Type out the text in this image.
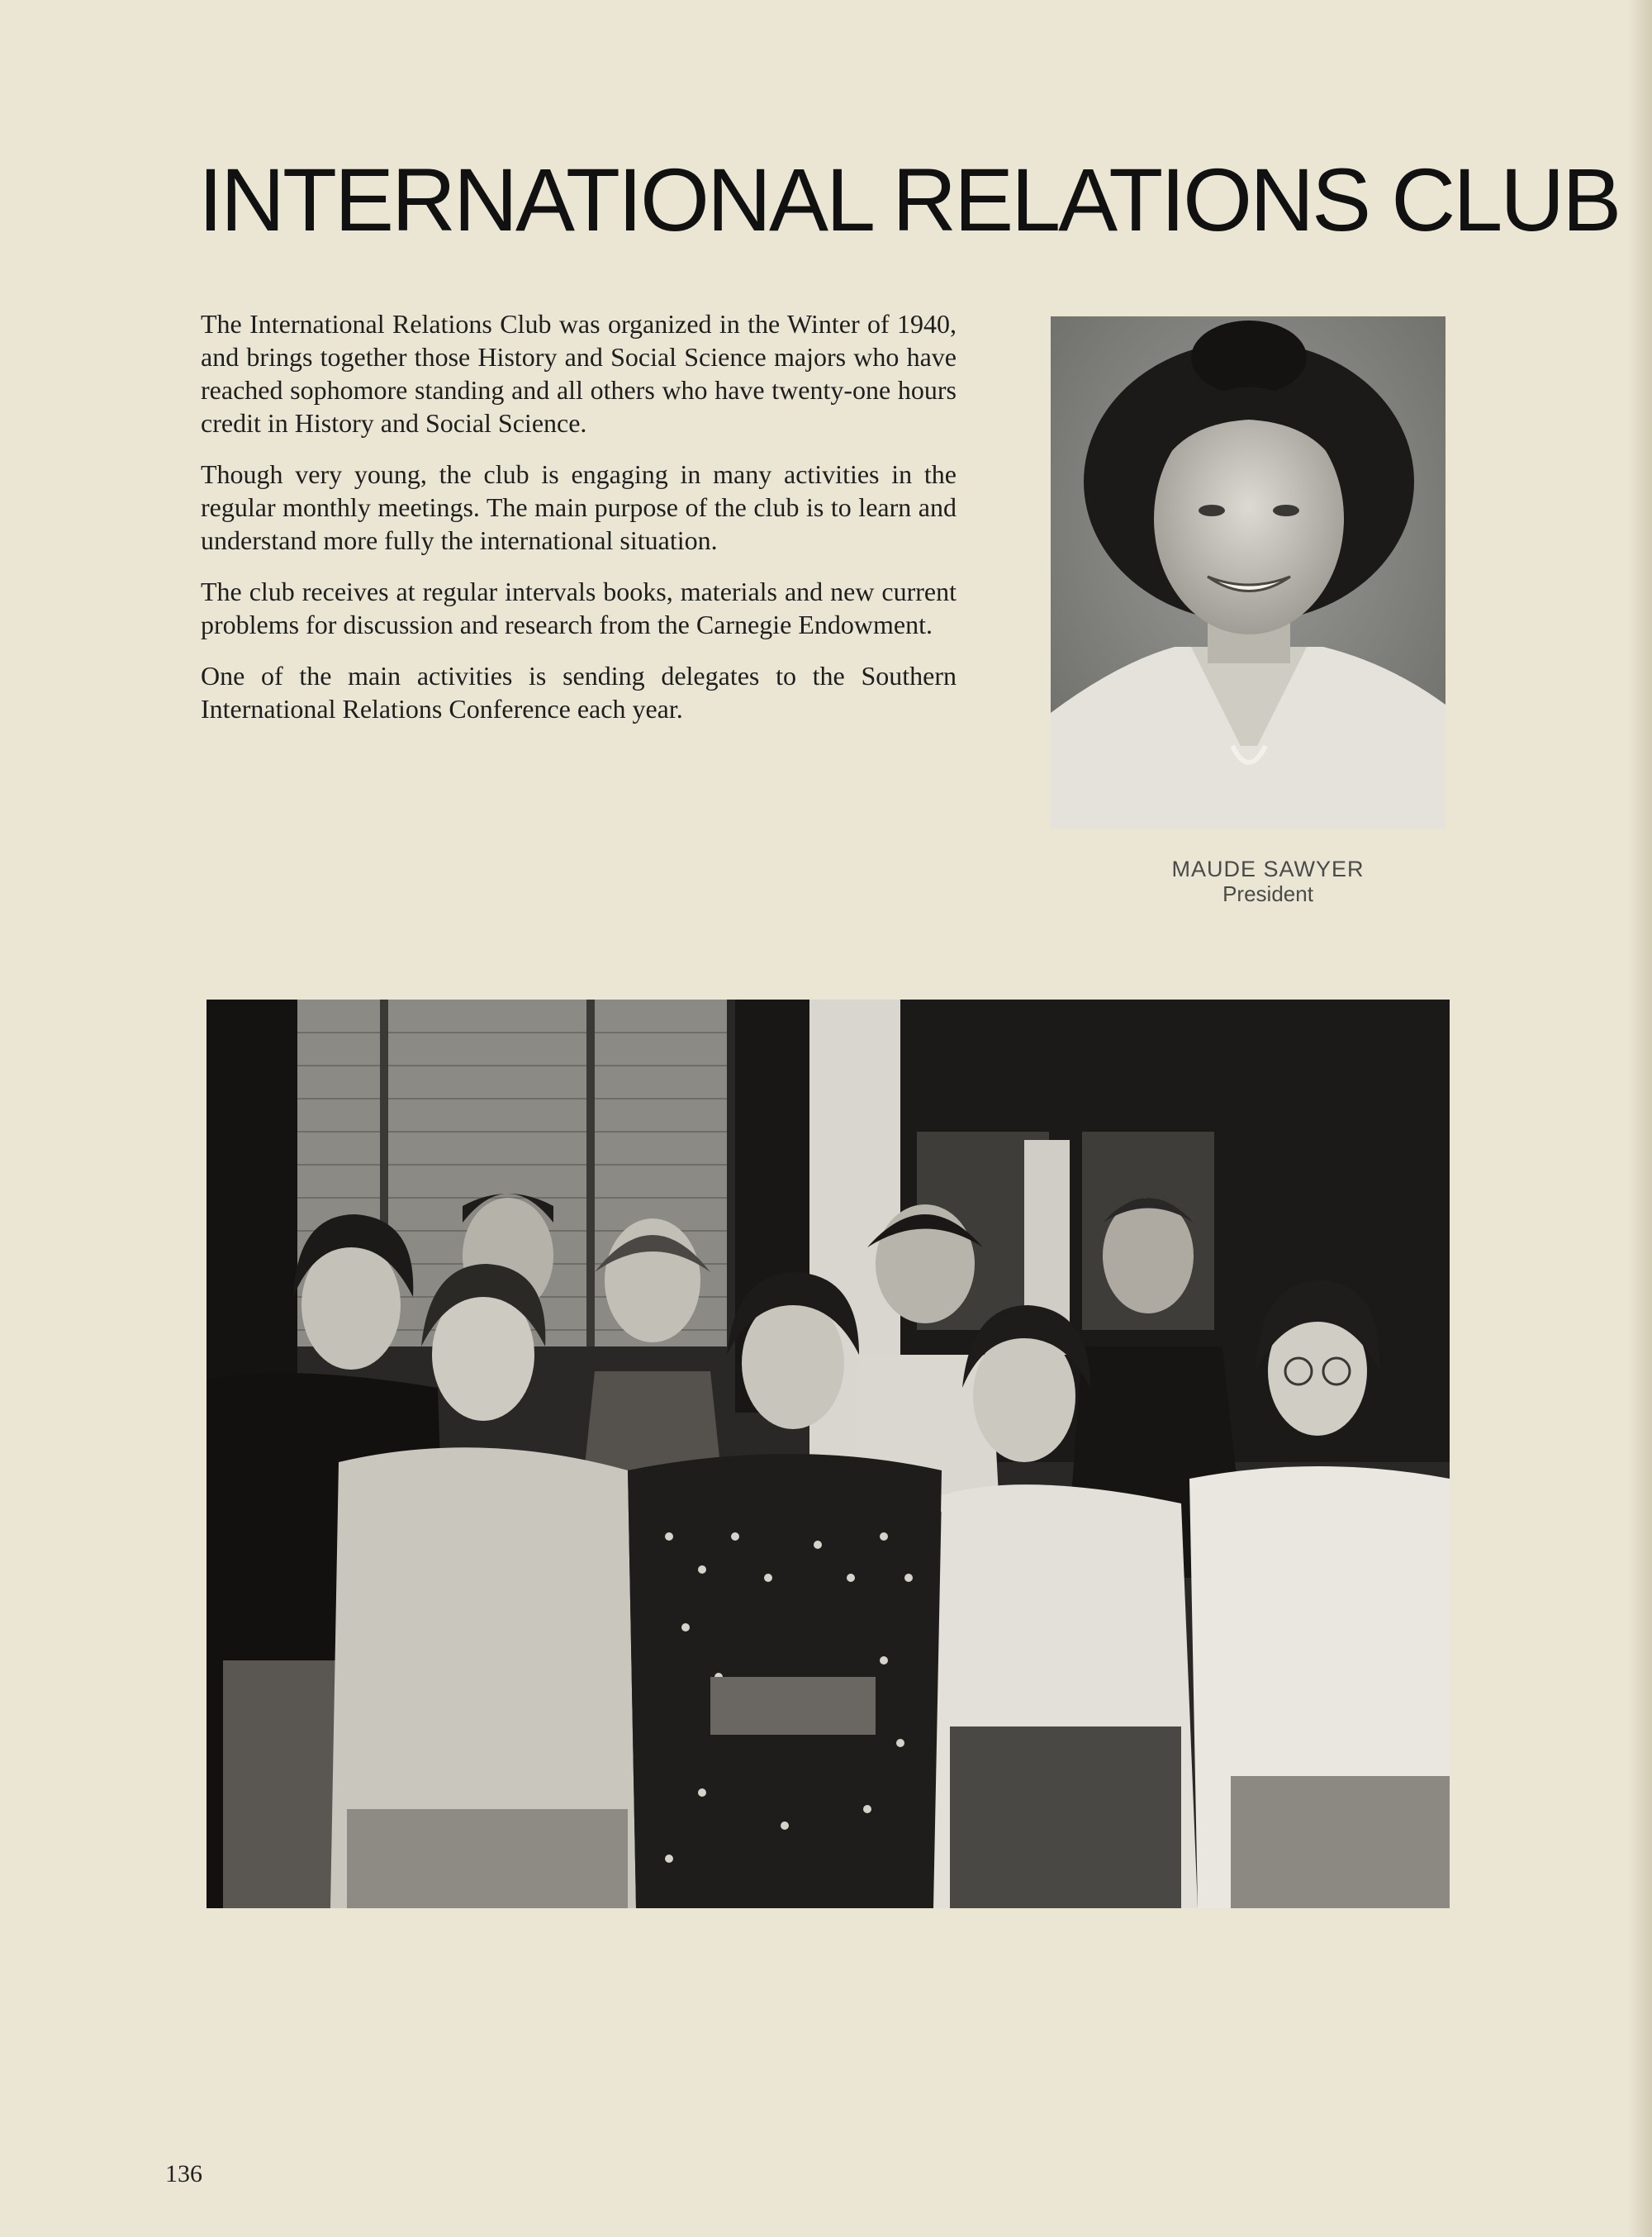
INTERNATIONAL RELATIONS CLUB

The International Relations Club was organized in the Winter of 1940, and brings together those History and Social Science majors who have reached sophomore standing and all others who have twenty-one hours credit in History and Social Science.

Though very young, the club is engaging in many activities in the regular monthly meetings. The main purpose of the club is to learn and understand more fully the international situation.

The club receives at regular intervals books, materials and new current problems for discussion and research from the Carnegie Endowment.

One of the main activities is sending delegates to the Southern International Relations Conference each year.

MAUDE SAWYER
President
136
